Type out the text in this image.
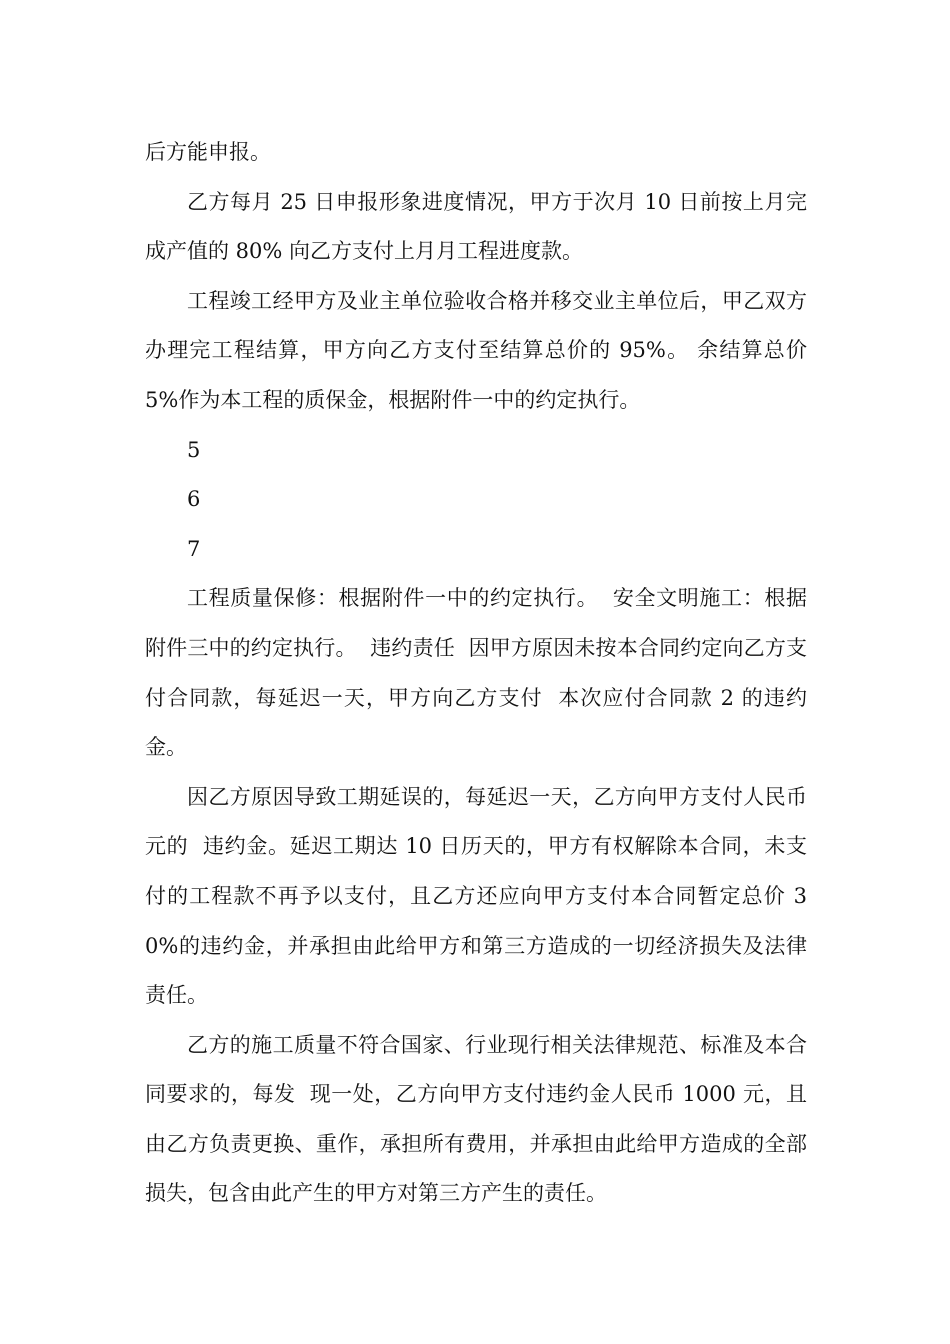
后方能申报。

乙方每月 25 日申报形象进度情况，甲方于次月 10 日前按上月完成产值的 80% 向乙方支付上月月工程进度款。

工程竣工经甲方及业主单位验收合格并移交业主单位后，甲乙双方办理完工程结算，甲方向乙方支付至结算总价的 95%。 余结算总价 5%作为本工程的质保金，根据附件一中的约定执行。

5

6

7

工程质量保修：根据附件一中的约定执行。  安全文明施工：根据附件三中的约定执行。  违约责任  因甲方原因未按本合同约定向乙方支付合同款，每延迟一天，甲方向乙方支付  本次应付合同款 2 的违约金。

因乙方原因导致工期延误的，每延迟一天，乙方向甲方支付人民币元的  违约金。延迟工期达 10 日历天的，甲方有权解除本合同，未支付的工程款不再予以支付，且乙方还应向甲方支付本合同暂定总价 30%的违约金，并承担由此给甲方和第三方造成的一切经济损失及法律责任。

乙方的施工质量不符合国家、行业现行相关法律规范、标准及本合同要求的，每发  现一处，乙方向甲方支付违约金人民币 1000 元，且由乙方负责更换、重作，承担所有费用，并承担由此给甲方造成的全部损失，包含由此产生的甲方对第三方产生的责任。
